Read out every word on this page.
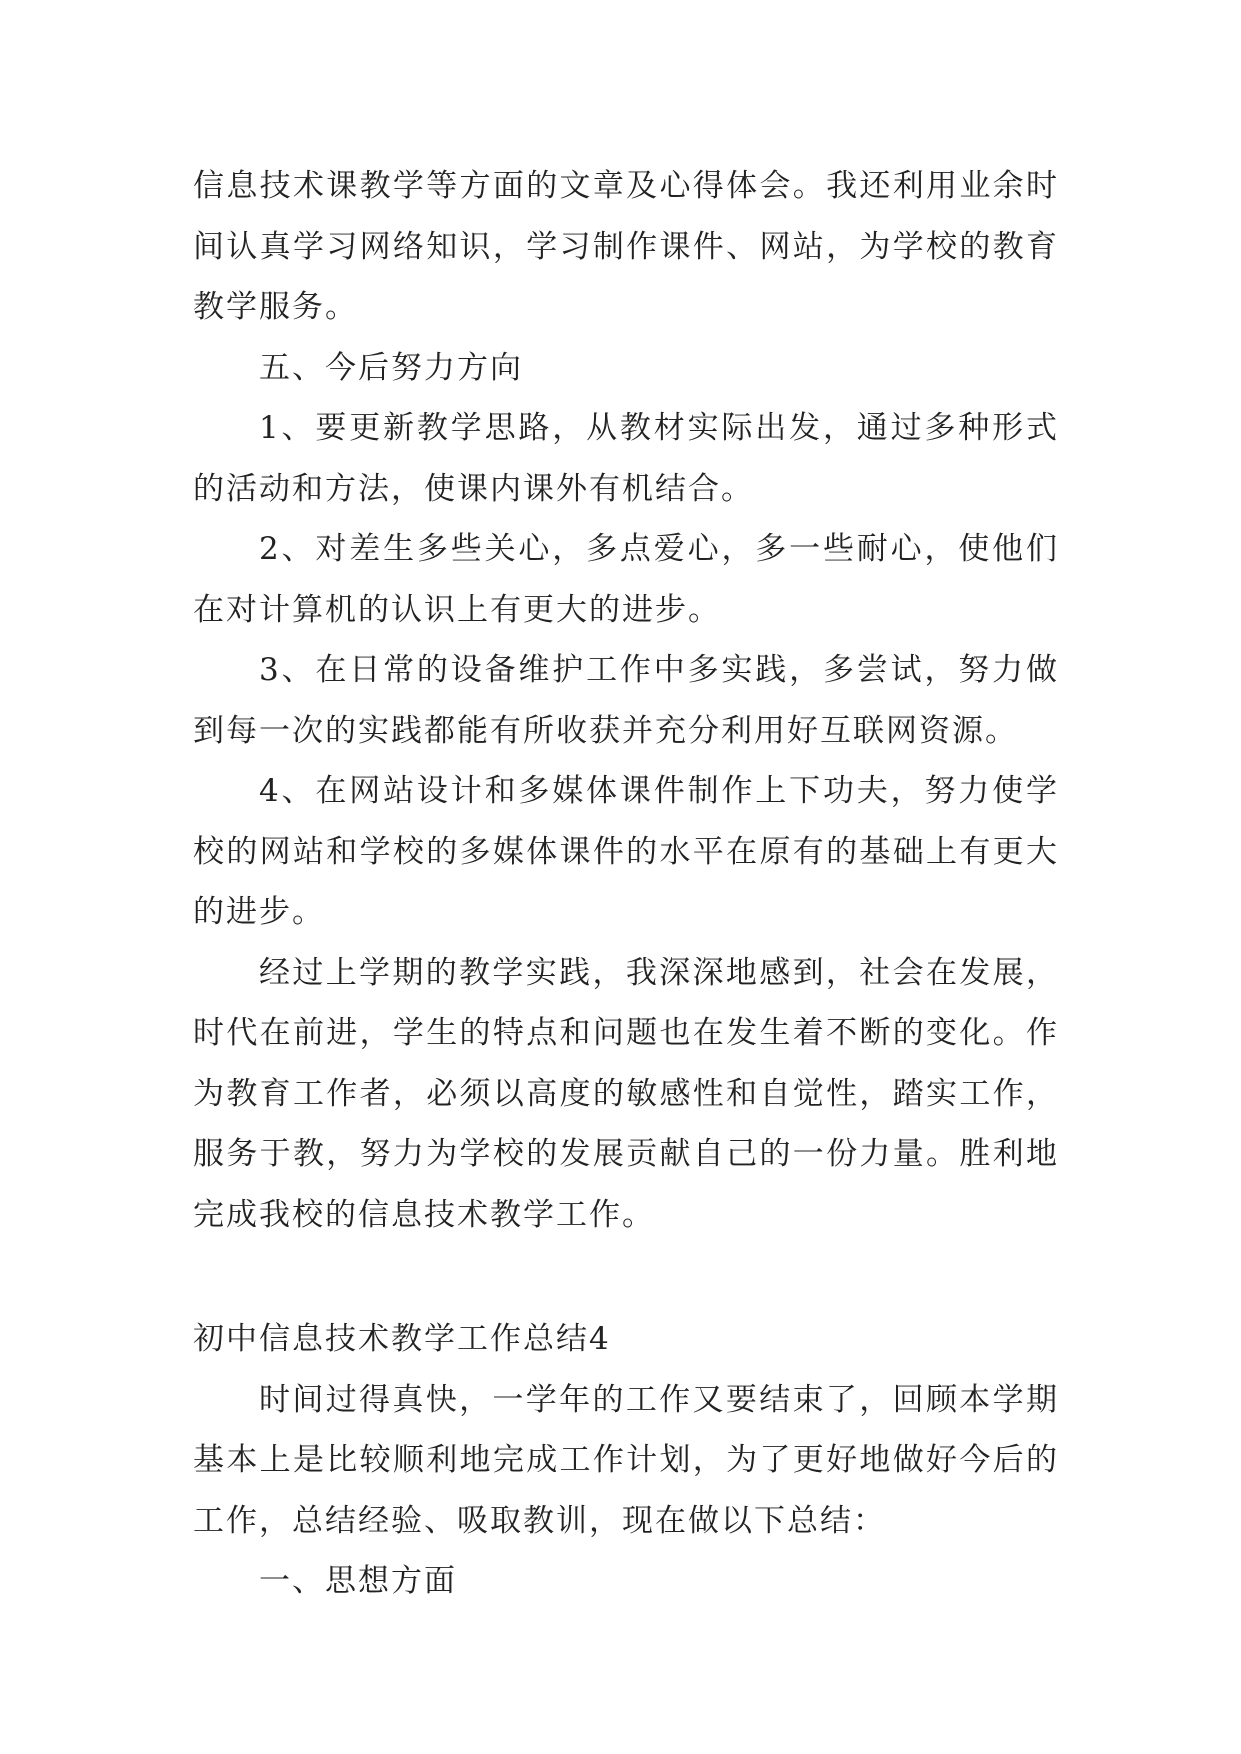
信息技术课教学等方面的文章及心得体会。我还利用业余时间认真学习网络知识，学习制作课件、网站，为学校的教育教学服务。

五、今后努力方向

1、要更新教学思路，从教材实际出发，通过多种形式的活动和方法，使课内课外有机结合。

2、对差生多些关心，多点爱心，多一些耐心，使他们在对计算机的认识上有更大的进步。

3、在日常的设备维护工作中多实践，多尝试，努力做到每一次的实践都能有所收获并充分利用好互联网资源。

4、在网站设计和多媒体课件制作上下功夫，努力使学校的网站和学校的多媒体课件的水平在原有的基础上有更大的进步。

经过上学期的教学实践，我深深地感到，社会在发展，时代在前进，学生的特点和问题也在发生着不断的变化。作为教育工作者，必须以高度的敏感性和自觉性，踏实工作，服务于教，努力为学校的发展贡献自己的一份力量。胜利地完成我校的信息技术教学工作。

初中信息技术教学工作总结4

时间过得真快，一学年的工作又要结束了，回顾本学期基本上是比较顺利地完成工作计划，为了更好地做好今后的工作，总结经验、吸取教训，现在做以下总结：

一、思想方面
